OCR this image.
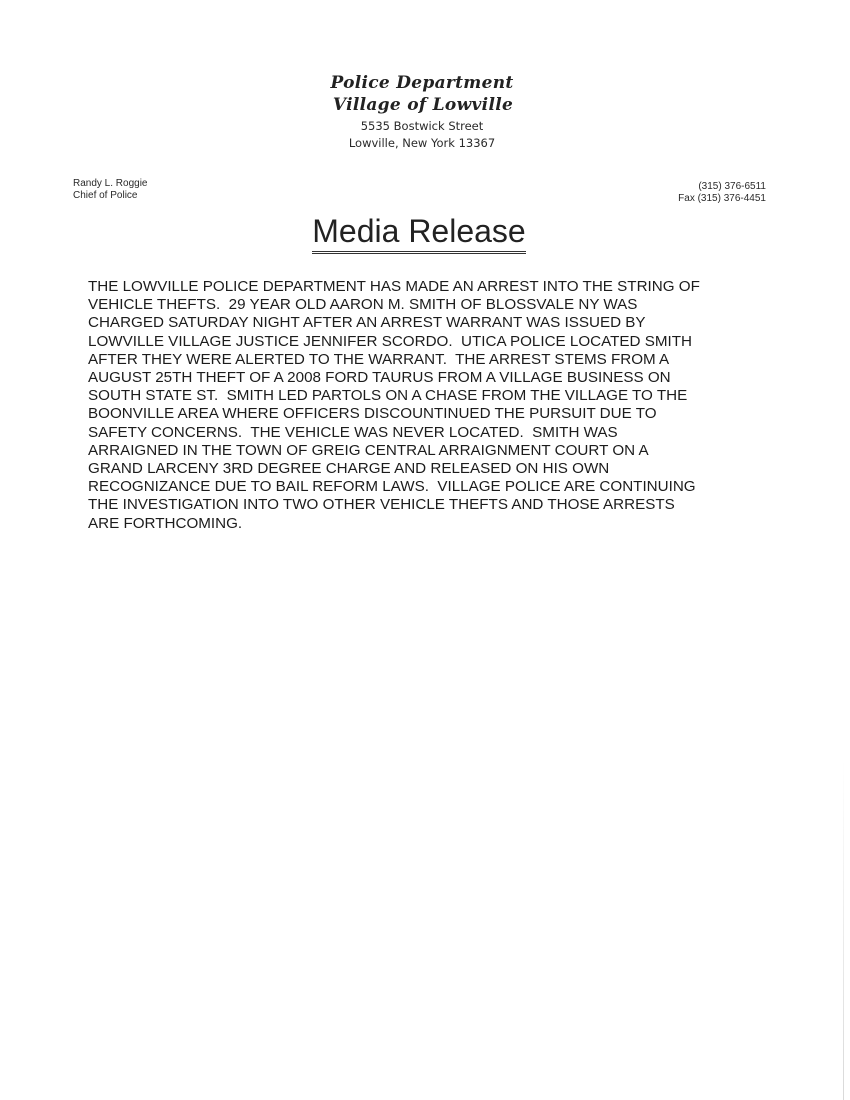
Police Department
Village of Lowville
5535 Bostwick Street
Lowville, New York 13367
Randy L. Roggie
Chief of Police
(315) 376-6511
Fax (315) 376-4451
Media Release
THE LOWVILLE POLICE DEPARTMENT HAS MADE AN ARREST INTO THE STRING OF
VEHICLE THEFTS.  29 YEAR OLD AARON M. SMITH OF BLOSSVALE NY WAS
CHARGED SATURDAY NIGHT AFTER AN ARREST WARRANT WAS ISSUED BY
LOWVILLE VILLAGE JUSTICE JENNIFER SCORDO.  UTICA POLICE LOCATED SMITH
AFTER THEY WERE ALERTED TO THE WARRANT.  THE ARREST STEMS FROM A
AUGUST 25TH THEFT OF A 2008 FORD TAURUS FROM A VILLAGE BUSINESS ON
SOUTH STATE ST.  SMITH LED PARTOLS ON A CHASE FROM THE VILLAGE TO THE
BOONVILLE AREA WHERE OFFICERS DISCOUNTINUED THE PURSUIT DUE TO
SAFETY CONCERNS.  THE VEHICLE WAS NEVER LOCATED.  SMITH WAS
ARRAIGNED IN THE TOWN OF GREIG CENTRAL ARRAIGNMENT COURT ON A
GRAND LARCENY 3RD DEGREE CHARGE AND RELEASED ON HIS OWN
RECOGNIZANCE DUE TO BAIL REFORM LAWS.  VILLAGE POLICE ARE CONTINUING
THE INVESTIGATION INTO TWO OTHER VEHICLE THEFTS AND THOSE ARRESTS
ARE FORTHCOMING.
